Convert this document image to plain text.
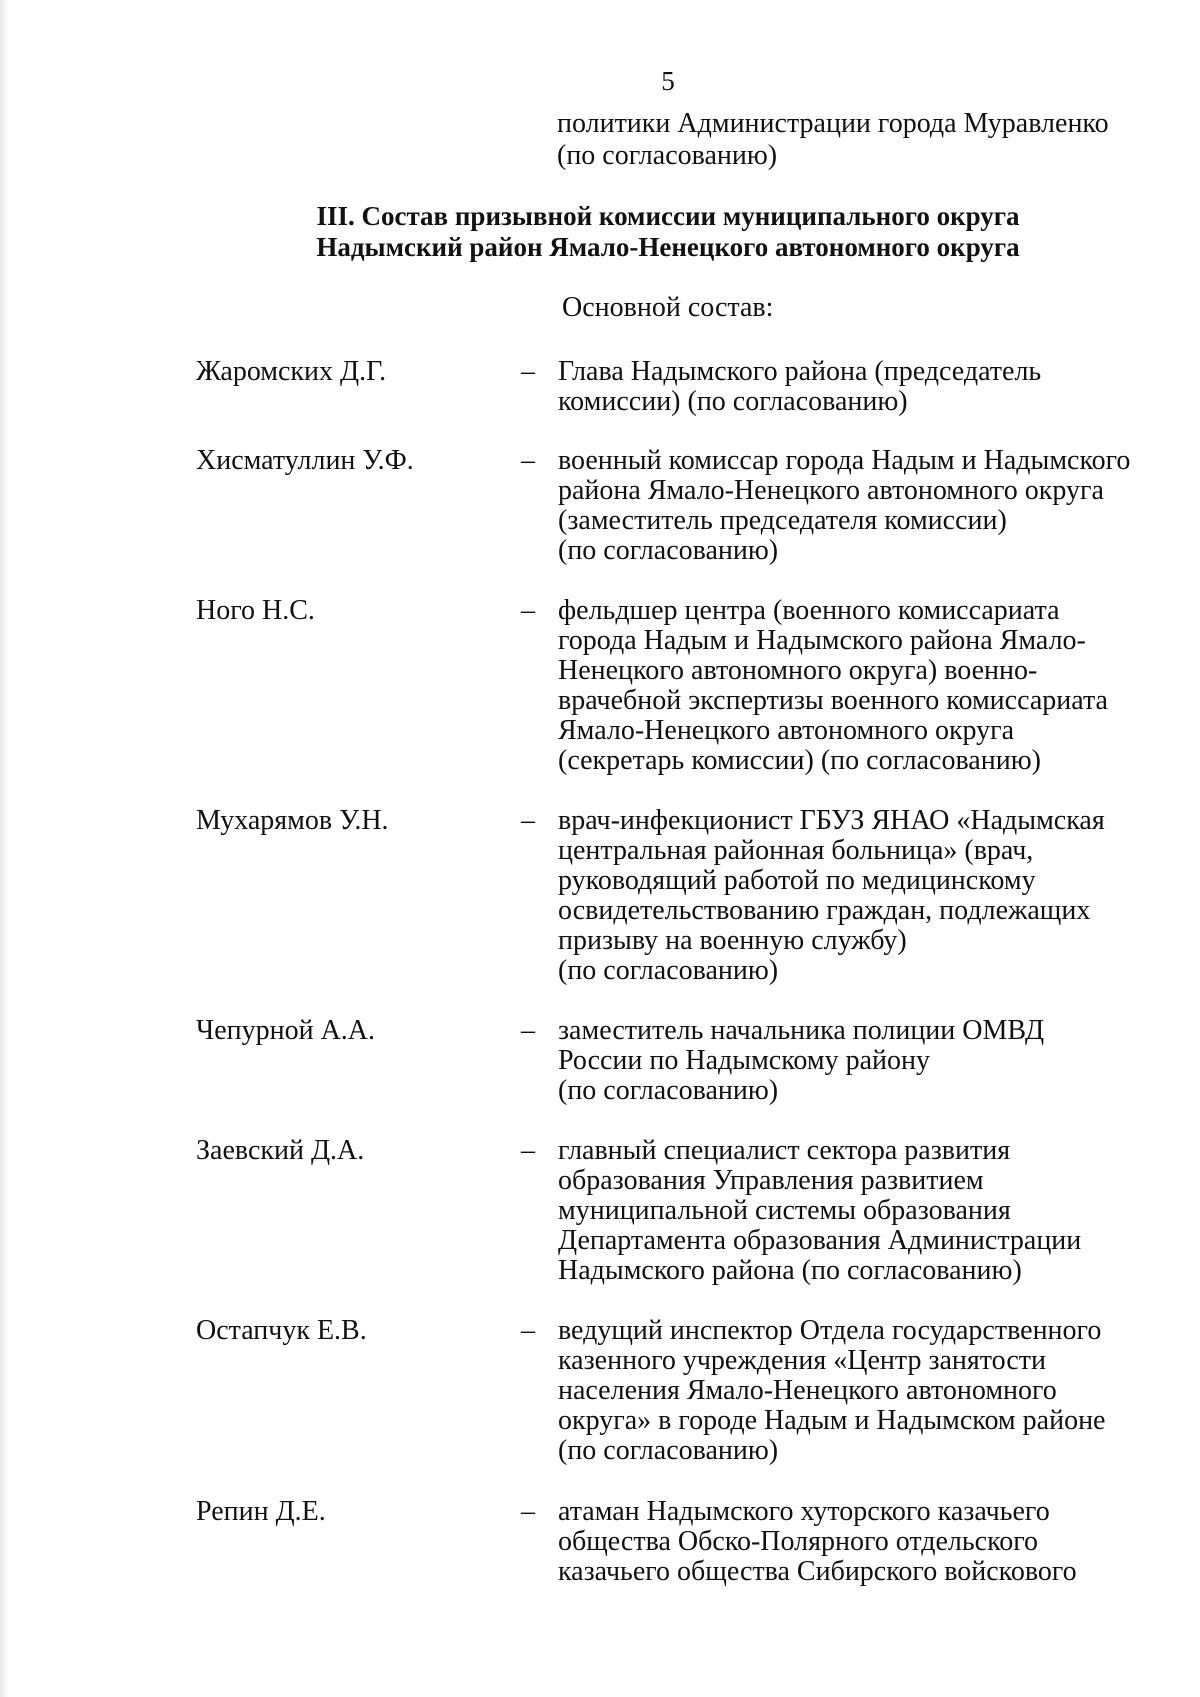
5
политики Администрации города Муравленко
(по согласованию)
III. Состав призывной комиссии муниципального округа
Надымский район Ямало-Ненецкого автономного округа
Основной состав:
Жаромских Д.Г.	– Глава Надымского района (председатель
комиссии) (по согласованию)
Хисматуллин У.Ф.	– военный комиссар города Надым и Надымского
района Ямало-Ненецкого автономного округа
(заместитель председателя комиссии)
(по согласованию)
Ного Н.С.	– фельдшер центра (военного комиссариата
города Надым и Надымского района Ямало-
Ненецкого автономного округа) военно-
врачебной экспертизы военного комиссариата
Ямало-Ненецкого автономного округа
(секретарь комиссии) (по согласованию)
Мухарямов У.Н.	– врач-инфекционист ГБУЗ ЯНАО «Надымская
центральная районная больница» (врач,
руководящий работой по медицинскому
освидетельствованию граждан, подлежащих
призыву на военную службу)
(по согласованию)
Чепурной А.А.	– заместитель начальника полиции ОМВД
России по Надымскому району
(по согласованию)
Заевский Д.А.	– главный специалист сектора развития
образования Управления развитием
муниципальной системы образования
Департамента образования Администрации
Надымского района (по согласованию)
Остапчук Е.В.	– ведущий инспектор Отдела государственного
казенного учреждения «Центр занятости
населения Ямало-Ненецкого автономного
округа» в городе Надым и Надымском районе
(по согласованию)
Репин Д.Е.	– атаман Надымского хуторского казачьего
общества Обско-Полярного отдельского
казачьего общества Сибирского войскового
